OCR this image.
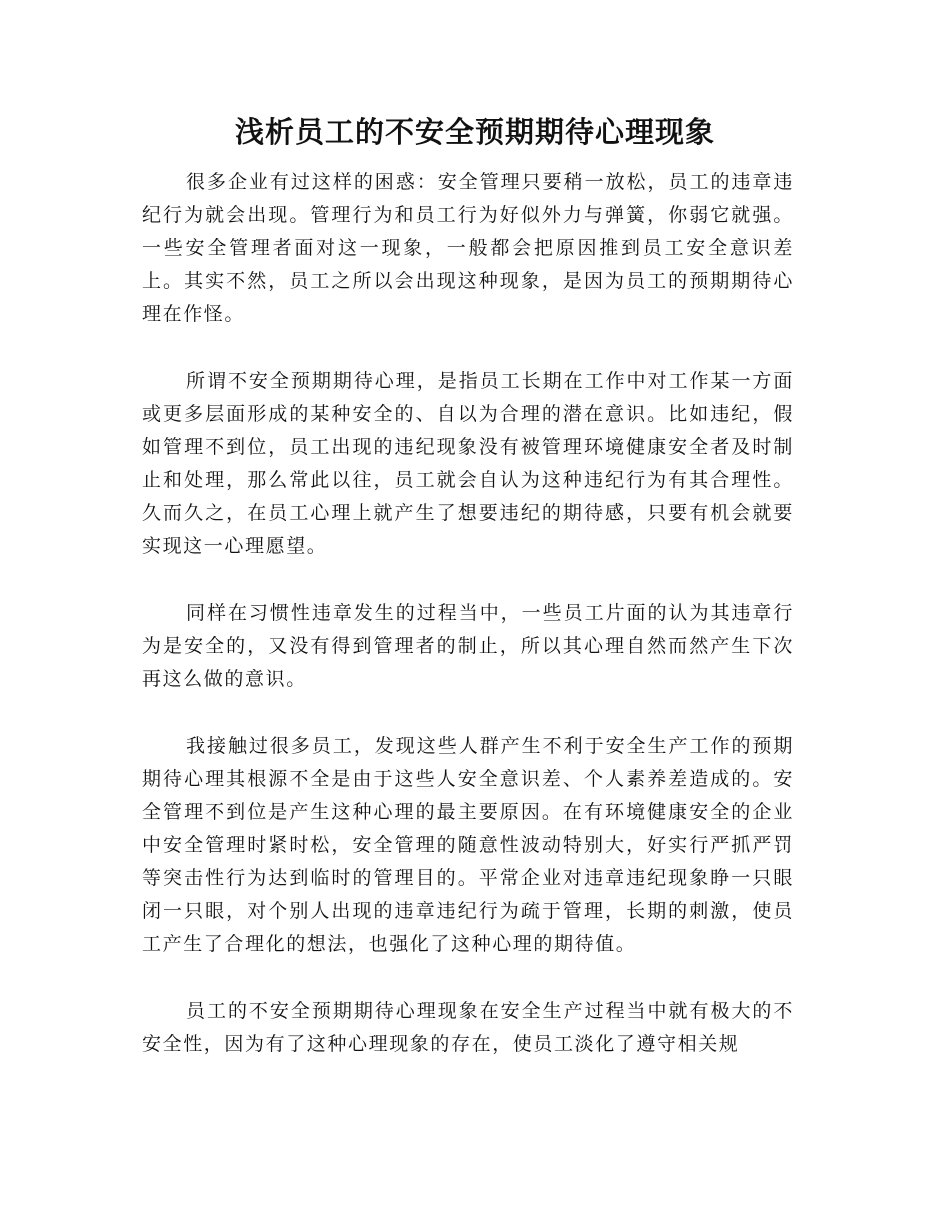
浅析员工的不安全预期期待心理现象

很多企业有过这样的困惑：安全管理只要稍一放松，员工的违章违纪行为就会出现。管理行为和员工行为好似外力与弹簧，你弱它就强。一些安全管理者面对这一现象，一般都会把原因推到员工安全意识差上。其实不然，员工之所以会出现这种现象，是因为员工的预期期待心理在作怪。

所谓不安全预期期待心理，是指员工长期在工作中对工作某一方面或更多层面形成的某种安全的、自以为合理的潜在意识。比如违纪，假如管理不到位，员工出现的违纪现象没有被管理环境健康安全者及时制止和处理，那么常此以往，员工就会自认为这种违纪行为有其合理性。久而久之，在员工心理上就产生了想要违纪的期待感，只要有机会就要实现这一心理愿望。

同样在习惯性违章发生的过程当中，一些员工片面的认为其违章行为是安全的，又没有得到管理者的制止，所以其心理自然而然产生下次再这么做的意识。

我接触过很多员工，发现这些人群产生不利于安全生产工作的预期期待心理其根源不全是由于这些人安全意识差、个人素养差造成的。安全管理不到位是产生这种心理的最主要原因。在有环境健康安全的企业中安全管理时紧时松，安全管理的随意性波动特别大，好实行严抓严罚等突击性行为达到临时的管理目的。平常企业对违章违纪现象睁一只眼闭一只眼，对个别人出现的违章违纪行为疏于管理，长期的刺激，使员工产生了合理化的想法，也强化了这种心理的期待值。

员工的不安全预期期待心理现象在安全生产过程当中就有极大的不安全性，因为有了这种心理现象的存在，使员工淡化了遵守相关规
